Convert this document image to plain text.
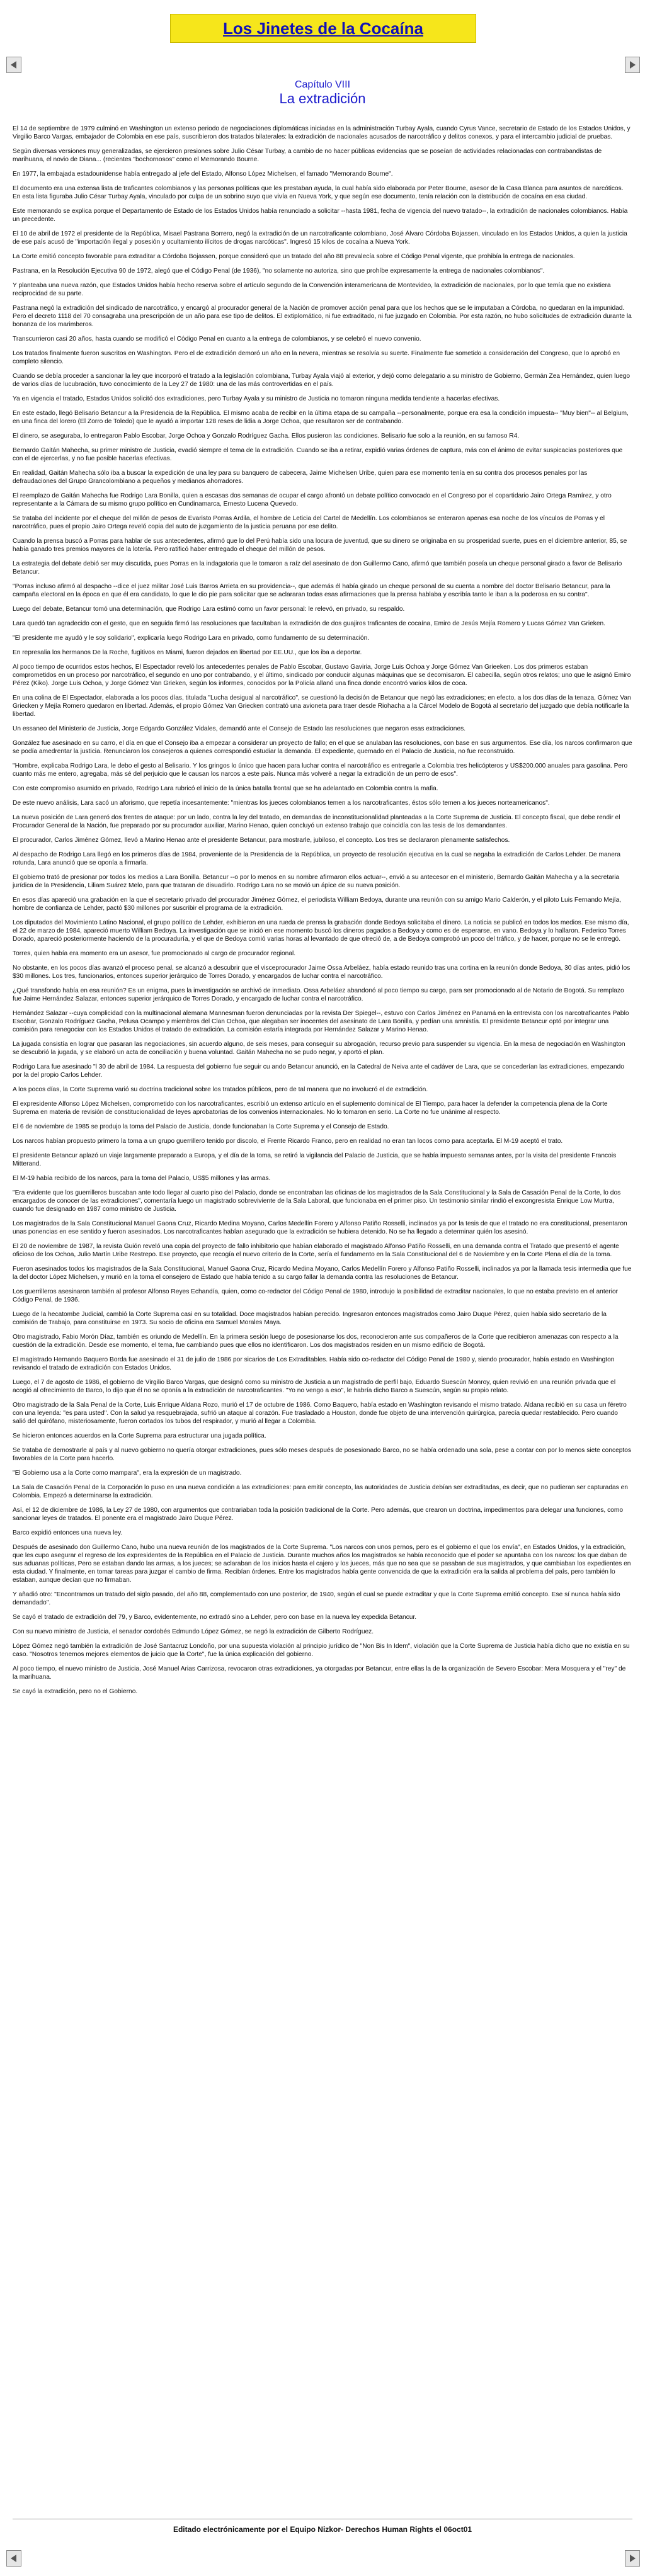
Los Jinetes de la Cocaína
Capítulo VIII
La extradición

El 14 de septiembre de 1979 culminó en Washington un extenso periodo de negociaciones diplomáticas iniciadas en la administración Turbay Ayala, cuando Cyrus Vance, secretario de Estado de los Estados Unidos, y Virgilio Barco Vargas, embajador de Colombia en ese país, suscribieron dos tratados bilaterales: la extradición de nacionales acusados de narcotráfico y delitos conexos, y para el intercambio judicial de pruebas.

Según diversas versiones muy generalizadas, se ejercieron presiones sobre Julio César Turbay, a cambio de no hacer públicas evidencias que se poseían de actividades relacionadas con contrabandistas de marihuana, el novio de Diana... (recientes "bochornosos" como el Memorando Bourne.

En 1977, la embajada estadounidense había entregado al jefe del Estado, Alfonso López Michelsen, el famado "Memorando Bourne".

El documento era una extensa lista de traficantes colombianos y las personas políticas que les prestaban ayuda, la cual había sido elaborada por Peter Bourne, asesor de la Casa Blanca para asuntos de narcóticos. En esta lista figuraba Julio César Turbay Ayala, vinculado por culpa de un sobrino suyo que vivía en Nueva York, y que según ese documento, tenía relación con la distribución de cocaína en esa ciudad.

Este memorando se explica porque el Departamento de Estado de los Estados Unidos había renunciado a solicitar --hasta 1981, fecha de vigencia del nuevo tratado--, la extradición de nacionales colombianos. Había un precedente.

El 10 de abril de 1972 el presidente de la República, Misael Pastrana Borrero, negó la extradición de un narcotraficante colombiano, José Álvaro Córdoba Bojassen, vinculado en los Estados Unidos, a quien la justicia de ese país acusó de "importación ilegal y posesión y ocultamiento ilícitos de drogas narcóticas". Ingresó 15 kilos de cocaína a Nueva York.

La Corte emitió concepto favorable para extraditar a Córdoba Bojassen, porque consideró que un tratado del año 88 prevalecía sobre el Código Penal vigente, que prohibía la entrega de nacionales.

Pastrana, en la Resolución Ejecutiva 90 de 1972, alegó que el Código Penal (de 1936), "no solamente no autoriza, sino que prohíbe expresamente la entrega de nacionales colombianos".

Y planteaba una nueva razón, que Estados Unidos había hecho reserva sobre el artículo segundo de la Convención interamericana de Montevideo, la extradición de nacionales, por lo que temía que no existiera reciprocidad de su parte.

Pastrana negó la extradición del sindicado de narcotráfico, y encargó al procurador general de la Nación de promover acción penal para que los hechos que se le imputaban a Córdoba, no quedaran en la impunidad. Pero el decreto 1118 del 70 consagraba una prescripción de un año para ese tipo de delitos. El extiplomático, ni fue extraditado, ni fue juzgado en Colombia. Por esta razón, no hubo solicitudes de extradición durante la bonanza de los marimberos.

Transcurrieron casi 20 años, hasta cuando se modificó el Código Penal en cuanto a la entrega de colombianos, y se celebró el nuevo convenio.

Los tratados finalmente fueron suscritos en Washington. Pero el de extradición demoró un año en la nevera, mientras se resolvía su suerte. Finalmente fue sometido a consideración del Congreso, que lo aprobó en completo silencio.

Cuando se debía proceder a sancionar la ley que incorporó el tratado a la legislación colombiana, Turbay Ayala viajó al exterior, y dejó como delegatario a su ministro de Gobierno, Germán Zea Hernández, quien luego de varios días de lucubración, tuvo conocimiento de la Ley 27 de 1980: una de las más controvertidas en el país.

Ya en vigencia el tratado, Estados Unidos solicitó dos extradiciones, pero Turbay Ayala y su ministro de Justicia no tomaron ninguna medida tendiente a hacerlas efectivas.

En este estado, llegó Belisario Betancur a la Presidencia de la República. El mismo acaba de recibir en la última etapa de su campaña --personalmente, porque era esa la condición impuesta-- "Muy bien"-- al Belgium, en una finca del lorero (El Zorro de Toledo) que le ayudó a importar 128 reses de lidia a Jorge Ochoa, que resultaron ser de contrabando.

El dinero, se aseguraba, lo entregaron Pablo Escobar, Jorge Ochoa y Gonzalo Rodríguez Gacha. Ellos pusieron las condiciones. Belisario fue solo a la reunión, en su famoso R4.

Bernardo Gaitán Mahecha, su primer ministro de Justicia, evadió siempre el tema de la extradición. Cuando se iba a retirar, expidió varias órdenes de captura, más con el ánimo de evitar suspicacias posteriores que con el de ejercerlas, y no fue posible hacerlas efectivas.

En realidad, Gaitán Mahecha sólo iba a buscar la expedición de una ley para su banquero de cabecera, Jaime Michelsen Uribe, quien para ese momento tenía en su contra dos procesos penales por las defraudaciones del Grupo Grancolombiano a pequeños y medianos ahorradores.

El reemplazo de Gaitán Mahecha fue Rodrigo Lara Bonilla, quien a escasas dos semanas de ocupar el cargo afrontó un debate político convocado en el Congreso por el copartidario Jairo Ortega Ramírez, y otro representante a la Cámara de su mismo grupo político en Cundinamarca, Ernesto Lucena Quevedo.

Se trataba del incidente por el cheque del millón de pesos de Evaristo Porras Ardila, el hombre de Leticia del Cartel de Medellín. Los colombianos se enteraron apenas esa noche de los vínculos de Porras y el narcotráfico, pues el propio Jairo Ortega reveló copia del auto de juzgamiento de la justicia peruana por ese delito.

Cuando la prensa buscó a Porras para hablar de sus antecedentes, afirmó que lo del Perú había sido una locura de juventud, que su dinero se originaba en su prosperidad suerte, pues en el diciembre anterior, 85, se había ganado tres premios mayores de la lotería. Pero ratificó haber entregado el cheque del millón de pesos.

La estrategia del debate debió ser muy discutida, pues Porras en la indagatoria que le tomaron a raíz del asesinato de don Guillermo Cano, afirmó que también poseía un cheque personal girado a favor de Belisario Betancur.

"Porras incluso afirmó al despacho --dice el juez militar José Luis Barros Arrieta en su providencia--, que además él había girado un cheque personal de su cuenta a nombre del doctor Belisario Betancur, para la campaña electoral en la época en que él era candidato, lo que le dio pie para solicitar que se aclararan todas esas afirmaciones que la prensa hablaba y escribía tanto le iban a la poderosa en su contra".

Luego del debate, Betancur tomó una determinación, que Rodrigo Lara estimó como un favor personal: le relevó, en privado, su respaldo.

Lara quedó tan agradecido con el gesto, que en seguida firmó las resoluciones que facultaban la extradición de dos guajiros traficantes de cocaína, Emiro de Jesús Mejía Romero y Lucas Gómez Van Grieken.

"El presidente me ayudó y le soy solidario", explicaría luego Rodrigo Lara en privado, como fundamento de su determinación.

En represalia los hermanos De la Roche, fugitivos en Miami, fueron dejados en libertad por EE.UU., que los iba a deportar.

Al poco tiempo de ocurridos estos hechos, El Espectador reveló los antecedentes penales de Pablo Escobar, Gustavo Gaviria, Jorge Luis Ochoa y Jorge Gómez Van Grieeken. Los dos primeros estaban comprometidos en un proceso por narcotráfico, el segundo en uno por contrabando, y el último, sindicado por conducir algunas máquinas que se decomisaron. El cabecilla, según otros relatos; uno que le asignó Emiro Pérez (Kiko). Jorge Luis Ochoa, y Jorge Gómez Van Grieken, según los informes, conocidos por la Policía allanó una finca donde encontró varios kilos de coca.

En una colina de El Espectador, elaborada a los pocos días, titulada "Lucha desigual al narcotráfico", se cuestionó la decisión de Betancur que negó las extradiciones; en efecto, a los dos días de la tenaza, Gómez Van Griecken y Mejía Romero quedaron en libertad. Además, el propio Gómez Van Griecken contrató una avioneta para traer desde Riohacha a la Cárcel Modelo de Bogotá al secretario del juzgado que debía notificarle la libertad.

Un essaneo del Ministerio de Justicia, Jorge Edgardo González Vidales, demandó ante el Consejo de Estado las resoluciones que negaron esas extradiciones.

González fue asesinado en su carro, el día en que el Consejo iba a empezar a considerar un proyecto de fallo; en el que se anulaban las resoluciones, con base en sus argumentos. Ese día, los narcos confirmaron que se podía amedrentar la justicia. Renunciaron los consejeros a quienes correspondió estudiar la demanda. El expediente, quemado en el Palacio de Justicia, no fue reconstruido.

"Hombre, explicaba Rodrigo Lara, le debo el gesto al Belisario. Y los gringos lo único que hacen para luchar contra el narcotráfico es entregarle a Colombia tres helicópteros y US$200.000 anuales para gasolina. Pero cuanto más me entero, agregaba, más sé del perjuicio que le causan los narcos a este país. Nunca más volveré a negar la extradición de un perro de esos".

Con este compromiso asumido en privado, Rodrigo Lara rubricó el inicio de la única batalla frontal que se ha adelantado en Colombia contra la mafia.

De este nuevo análisis, Lara sacó un aforismo, que repetía incesantemente: "mientras los jueces colombianos temen a los narcotraficantes, éstos sólo temen a los jueces norteamericanos".

La nueva posición de Lara generó dos frentes de ataque: por un lado, contra la ley del tratado, en demandas de inconstitucionalidad planteadas a la Corte Suprema de Justicia. El concepto fiscal, que debe rendir el Procurador General de la Nación, fue preparado por su procurador auxiliar, Marino Henao, quien concluyó un extenso trabajo que coincidía con las tesis de los demandantes.

El procurador, Carlos Jiménez Gómez, llevó a Marino Henao ante el presidente Betancur, para mostrarle, jubiloso, el concepto. Los tres se declararon plenamente satisfechos.

Al despacho de Rodrigo Lara llegó en los primeros días de 1984, proveniente de la Presidencia de la República, un proyecto de resolución ejecutiva en la cual se negaba la extradición de Carlos Lehder. De manera rotunda, Lara anunció que se oponía a firmarla.

El gobierno trató de presionar por todos los medios a Lara Bonilla. Betancur --o por lo menos en su nombre afirmaron ellos actuar--, envió a su antecesor en el ministerio, Bernardo Gaitán Mahecha y a la secretaria jurídica de la Presidencia, Liliam Suárez Melo, para que trataran de disuadirlo. Rodrigo Lara no se movió un ápice de su nueva posición.

En esos días apareció una grabación en la que el secretario privado del procurador Jiménez Gómez, el periodista William Bedoya, durante una reunión con su amigo Mario Calderón, y el piloto Luis Fernando Mejía, hombre de confianza de Lehder, pactó $30 millones por suscribir el programa de la extradición.

Los diputados del Movimiento Latino Nacional, el grupo político de Lehder, exhibieron en una rueda de prensa la grabación donde Bedoya solicitaba el dinero. La noticia se publicó en todos los medios. Ese mismo día, el 22 de marzo de 1984, apareció muerto William Bedoya. La investigación que se inició en ese momento buscó los dineros pagados a Bedoya y como es de esperarse, en vano. Bedoya y lo hallaron. Federico Torres Dorado, apareció posteriormente haciendo de la procuraduría, y el que de Bedoya comió varias horas al levantado de que ofreció de, a de Bedoya comprobó un poco del tráfico, y de hacer, porque no se le entregó.

Torres, quien había era momento era un asesor, fue promocionado al cargo de procurador regional.

No obstante, en los pocos días avanzó el proceso penal, se alcanzó a descubrir que el visceprocurador Jaime Ossa Arbeláez, había estado reunido tras una cortina en la reunión donde Bedoya, 30 días antes, pidió los $30 millones. Los tres, funcionarios, entonces superior jerárquico de Torres Dorado, y encargados de luchar contra el narcotráfico.

¿Qué transfondo había en esa reunión? Es un enigma, pues la investigación se archivó de inmediato. Ossa Arbeláez abandonó al poco tiempo su cargo, para ser promocionado al de Notario de Bogotá. Su remplazo fue Jaime Hernández Salazar, entonces superior jerárquico de Torres Dorado, y encargado de luchar contra el narcotráfico.

Hernández Salazar --cuya complicidad con la multinacional alemana Mannesman fueron denunciadas por la revista Der Spiegel--, estuvo con Carlos Jiménez en Panamá en la entrevista con los narcotraficantes Pablo Escobar, Gonzalo Rodríguez Gacha, Pelusa Ocampo y miembros del Clan Ochoa, que alegaban ser inocentes del asesinato de Lara Bonilla, y pedían una amnistía. El presidente Betancur optó por integrar una comisión para renegociar con los Estados Unidos el tratado de extradición. La comisión estaría integrada por Hernández Salazar y Marino Henao.

La jugada consistía en lograr que pasaran las negociaciones, sin acuerdo alguno, de seis meses, para conseguir su abrogación, recurso previo para suspender su vigencia. En la mesa de negociación en Washington se descubrió la jugada, y se elaboró un acta de conciliación y buena voluntad. Gaitán Mahecha no se pudo negar, y aportó el plan.

Rodrigo Lara fue asesinado "l 30 de abril de 1984. La respuesta del gobierno fue seguir cu ando Betancur anunció, en la Catedral de Neiva ante el cadáver de Lara, que se concederían las extradiciones, empezando por la del propio Carlos Lehder.

A los pocos días, la Corte Suprema varió su doctrina tradicional sobre los tratados públicos, pero de tal manera que no involucró el de extradición.

El expresidente Alfonso López Michelsen, comprometido con los narcotraficantes, escribió un extenso artículo en el suplemento dominical de El Tiempo, para hacer la defender la competencia plena de la Corte Suprema en materia de revisión de constitucionalidad de leyes aprobatorias de los convenios internacionales. No lo tomaron en serio. La Corte no fue unánime al respecto.

El 6 de noviembre de 1985 se produjo la toma del Palacio de Justicia, donde funcionaban la Corte Suprema y el Consejo de Estado.

Los narcos habían propuesto primero la toma a un grupo guerrillero tenido por discolo, el Frente Ricardo Franco, pero en realidad no eran tan locos como para aceptarla. El M-19 aceptó el trato.

El presidente Betancur aplazó un viaje largamente preparado a Europa, y el día de la toma, se retiró la vigilancia del Palacio de Justicia, que se había impuesto semanas antes, por la visita del presidente Francois Mitterand.

El M-19 había recibido de los narcos, para la toma del Palacio, US$5 millones y las armas.

"Era evidente que los guerrilleros buscaban ante todo llegar al cuarto piso del Palacio, donde se encontraban las oficinas de los magistrados de la Sala Constitucional y la Sala de Casación Penal de la Corte, lo dos encargados de conocer de las extradiciones", comentaría luego un magistrado sobreviviente de la Sala Laboral, que funcionaba en el primer piso. Un testimonio similar rindió el excongresista Enrique Low Murtra, cuando fue designado en 1987 como ministro de Justicia.

Los magistrados de la Sala Constitucional Manuel Gaona Cruz, Ricardo Medina Moyano, Carlos Medellín Forero y Alfonso Patiño Rosselli, inclinados ya por la tesis de que el tratado no era constitucional, presentaron unas ponencias en ese sentido y fueron asesinados. Los narcotraficantes habían asegurado que la extradición se hubiera detenido. No se ha llegado a determinar quién los asesinó.

El 20 de noviembre de 1987, la revista Guión reveló una copia del proyecto de fallo inhibitorio que habían elaborado el magistrado Alfonso Patiño Rosselli, en una demanda contra el Tratado que presentó el agente oficioso de los Ochoa, Julio Martín Uribe Restrepo. Ese proyecto, que recogía el nuevo criterio de la Corte, sería el fundamento en la Sala Constitucional del 6 de Noviembre y en la Corte Plena el día de la toma.

Fueron asesinados todos los magistrados de la Sala Constitucional, Manuel Gaona Cruz, Ricardo Medina Moyano, Carlos Medellín Forero y Alfonso Patiño Rosselli, inclinados ya por la llamada tesis intermedia que fue la del doctor López Michelsen, y murió en la toma el consejero de Estado que había tenido a su cargo fallar la demanda contra las resoluciones de Betancur.

Los guerrilleros asesinaron también al profesor Alfonso Reyes Echandía, quien, como co-redactor del Código Penal de 1980, introdujo la posibilidad de extraditar nacionales, lo que no estaba previsto en el anterior Código Penal, de 1936.

Luego de la hecatombe Judicial, cambió la Corte Suprema casi en su totalidad. Doce magistrados habían perecido. Ingresaron entonces magistrados como Jairo Duque Pérez, quien había sido secretario de la comisión de Trabajo, para constituirse en 1973. Su socio de oficina era Samuel Morales Maya.

Otro magistrado, Fabio Morón Díaz, también es oriundo de Medellín. En la primera sesión luego de posesionarse los dos, reconocieron ante sus compañeros de la Corte que recibieron amenazas con respecto a la cuestión de la extradición. Desde ese momento, el tema, fue cambiando pues que ellos no identificaron. Los dos magistrados residen en un mismo edificio de Bogotá.

El magistrado Hernando Baquero Borda fue asesinado el 31 de julio de 1986 por sicarios de Los Extraditables. Había sido co-redactor del Código Penal de 1980 y, siendo procurador, había estado en Washington revisando el tratado de extradición con Estados Unidos.

Luego, el 7 de agosto de 1986, el gobierno de Virgilio Barco Vargas, que designó como su ministro de Justicia a un magistrado de perfil bajo, Eduardo Suescún Monroy, quien revivió en una reunión privada que el acogió al ofrecimiento de Barco, lo dijo que él no se oponía a la extradición de narcotraficantes. "Yo no vengo a eso", le habría dicho Barco a Suescún, según su propio relato.

Otro magistrado de la Sala Penal de la Corte, Luis Enrique Aldana Rozo, murió el 17 de octubre de 1986. Como Baquero, había estado en Washington revisando el mismo tratado. Aldana recibió en su casa un féretro con una leyenda: "es para usted". Con la salud ya resquebrajada, sufrió un ataque al corazón. Fue trasladado a Houston, donde fue objeto de una intervención quirúrgica, parecía quedar restablecido. Pero cuando salió del quirófano, misteriosamente, fueron cortados los tubos del respirador, y murió al llegar a Colombia.

Se hicieron entonces acuerdos en la Corte Suprema para estructurar una jugada política.

Se trataba de demostrarle al país y al nuevo gobierno no quería otorgar extradiciones, pues sólo meses después de posesionado Barco, no se había ordenado una sola, pese a contar con por lo menos siete conceptos favorables de la Corte para hacerlo.

"El Gobierno usa a la Corte como mampara", era la expresión de un magistrado.

La Sala de Casación Penal de la Corporación lo puso en una nueva condición a las extradiciones: para emitir concepto, las autoridades de Justicia debían ser extraditadas, es decir, que no pudieran ser capturadas en Colombia. Empezó a determinarse la extradición.

Así, el 12 de diciembre de 1986, la Ley 27 de 1980, con argumentos que contrariaban toda la posición tradicional de la Corte. Pero además, que crearon un doctrina, impedimentos para delegar una funciones, como sancionar leyes de tratados. El ponente era el magistrado Jairo Duque Pérez.

Barco expidió entonces una nueva ley.

Después de asesinado don Guillermo Cano, hubo una nueva reunión de los magistrados de la Corte Suprema. "Los narcos con unos pernos, pero es el gobierno el que los envía", en Estados Unidos, y la extradición, que les cupo asegurar el regreso de los expresidentes de la República en el Palacio de Justicia. Durante muchos años los magistrados se había reconocido que el poder se apuntaba con los narcos: los que daban de sus aduanas políticas, Pero se estaban dando las armas, a los jueces; se aclaraban de los inicios hasta el cajero y los jueces, más que no sea que se pasaban de sus magistrados, y que cambiaban los expedientes en esta ciudad. Y finalmente, en tomar tareas para juzgar el cambio de firma. Recibían órdenes. Entre los magistrados había gente convencida de que la extradición era la salida al problema del país, pero también lo estaban, aunque decían que no firmaban.

Y añadió otro: "Encontramos un tratado del siglo pasado, del año 88, complementado con uno posterior, de 1940, según el cual se puede extraditar y que la Corte Suprema emitió concepto. Ese sí nunca había sido demandado".

Se cayó el tratado de extradición del 79, y Barco, evidentemente, no extradó sino a Lehder, pero con base en la nueva ley expedida Betancur.

Con su nuevo ministro de Justicia, el senador cordobés Edmundo López Gómez, se negó la extradición de Gilberto Rodríguez.

López Gómez negó también la extradición de José Santacruz Londoño, por una supuesta violación al principio jurídico de "Non Bis In Idem", violación que la Corte Suprema de Justicia había dicho que no existía en su caso. "Nosotros tenemos mejores elementos de juicio que la Corte", fue la única explicación del gobierno.

Al poco tiempo, el nuevo ministro de Justicia, José Manuel Arias Carrizosa, revocaron otras extradiciones, ya otorgadas por Betancur, entre ellas la de la organización de Severo Escobar: Mera Mosquera y el "rey" de la marihuana.

Se cayó la extradición, pero no el Gobierno.

Editado electrónicamente por el Equipo Nizkor- Derechos Human Rights el 06oct01
